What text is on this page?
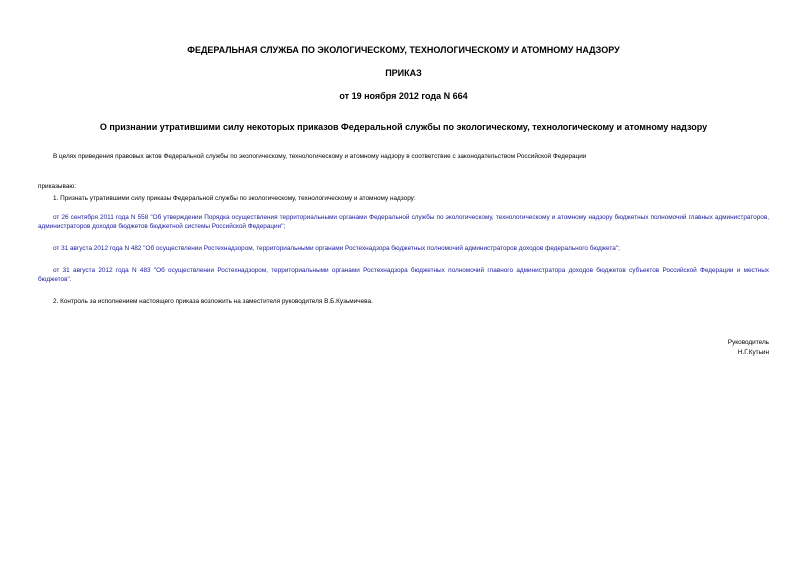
ФЕДЕРАЛЬНАЯ СЛУЖБА ПО ЭКОЛОГИЧЕСКОМУ, ТЕХНОЛОГИЧЕСКОМУ И АТОМНОМУ НАДЗОРУ
ПРИКАЗ
от 19 ноября 2012 года N 664
О признании утратившими силу некоторых приказов Федеральной службы по экологическому, технологическому и атомному надзору
В целях приведения правовых актов Федеральной службы по экологическому, технологическому и атомному надзору в соответствие с законодательством Российской Федерации
приказываю:
1. Признать утратившими силу приказы Федеральной службы по экологическому, технологическому и атомному надзору:
от 26 сентября 2011 года N 558 "Об утверждении Порядка осуществления территориальными органами Федеральной службы по экологическому, технологическому и атомному надзору бюджетных полномочий главных администраторов, администраторов доходов бюджетов бюджетной системы Российской Федерации";
от 31 августа 2012 года N 482 "Об осуществлении Ростехнадзором, территориальными органами Ростехнадзора бюджетных полномочий администраторов доходов федерального бюджета";
от 31 августа 2012 года N 483 "Об осуществлении Ростехнадзором, территориальными органами Ростехнадзора бюджетных полномочий главного администратора доходов бюджетов субъектов Российской Федерации и местных бюджетов".
2. Контроль за исполнением настоящего приказа возложить на заместителя руководителя В.Б.Кузьмичева.
Руководитель
Н.Г.Кутьин
